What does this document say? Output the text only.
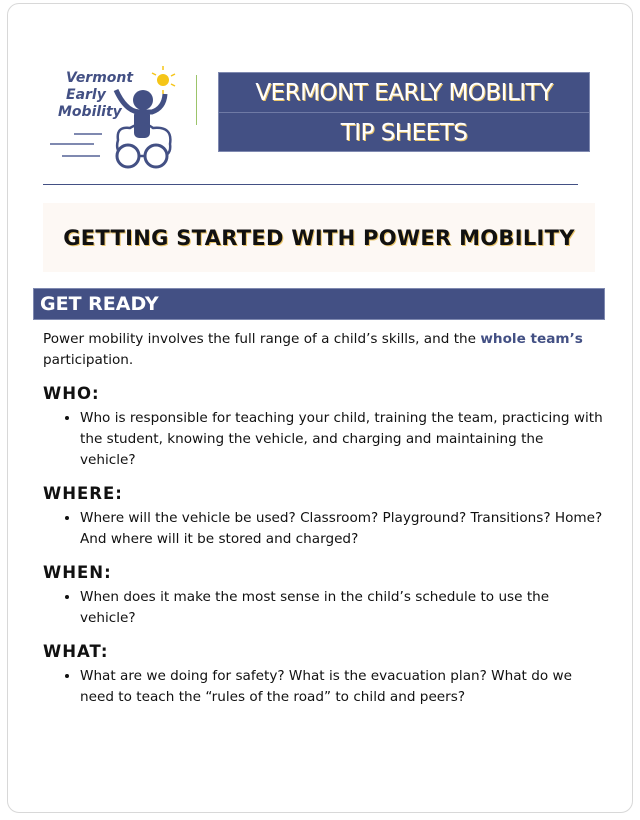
Vermont
Early
Mobility
VERMONT EARLY MOBILITY
TIP SHEETS
GETTING STARTED WITH POWER MOBILITY
GET READY

Power mobility involves the full range of a child’s skills, and the whole team’s participation.

WHO:
• Who is responsible for teaching your child, training the team, practicing with the student, knowing the vehicle, and charging and maintaining the vehicle?
WHERE:
• Where will the vehicle be used? Classroom? Playground? Transitions? Home? And where will it be stored and charged?
WHEN:
• When does it make the most sense in the child’s schedule to use the vehicle?
WHAT:
• What are we doing for safety? What is the evacuation plan? What do we need to teach the “rules of the road” to child and peers?
